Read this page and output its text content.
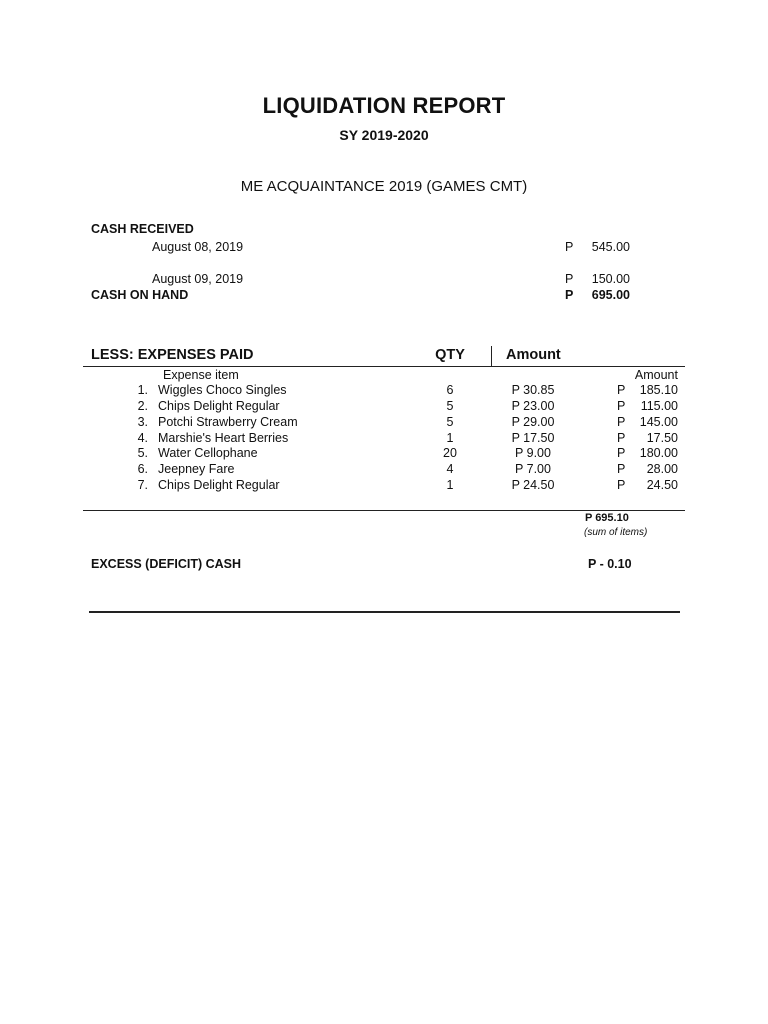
LIQUIDATION REPORT
SY 2019-2020
ME ACQUAINTANCE 2019 (GAMES CMT)
CASH RECEIVED
August 08, 2019	P	545.00
August 09, 2019	P	150.00
CASH ON HAND	P	695.00
LESS: EXPENSES PAID	QTY	Amount
Expense item	Amount
1. Wiggles Choco Singles	6	P 30.85	P	185.10
2. Chips Delight Regular	5	P 23.00	P	115.00
3. Potchi Strawberry Cream	5	P 29.00	P	145.00
4. Marshie's Heart Berries	1	P 17.50	P	17.50
5. Water Cellophane	20	P 9.00	P	180.00
6. Jeepney Fare	4	P 7.00	P	28.00
7. Chips Delight Regular	1	P 24.50	P	24.50
P 695.10
(sum of items)
EXCESS (DEFICIT) CASH	P - 0.10
